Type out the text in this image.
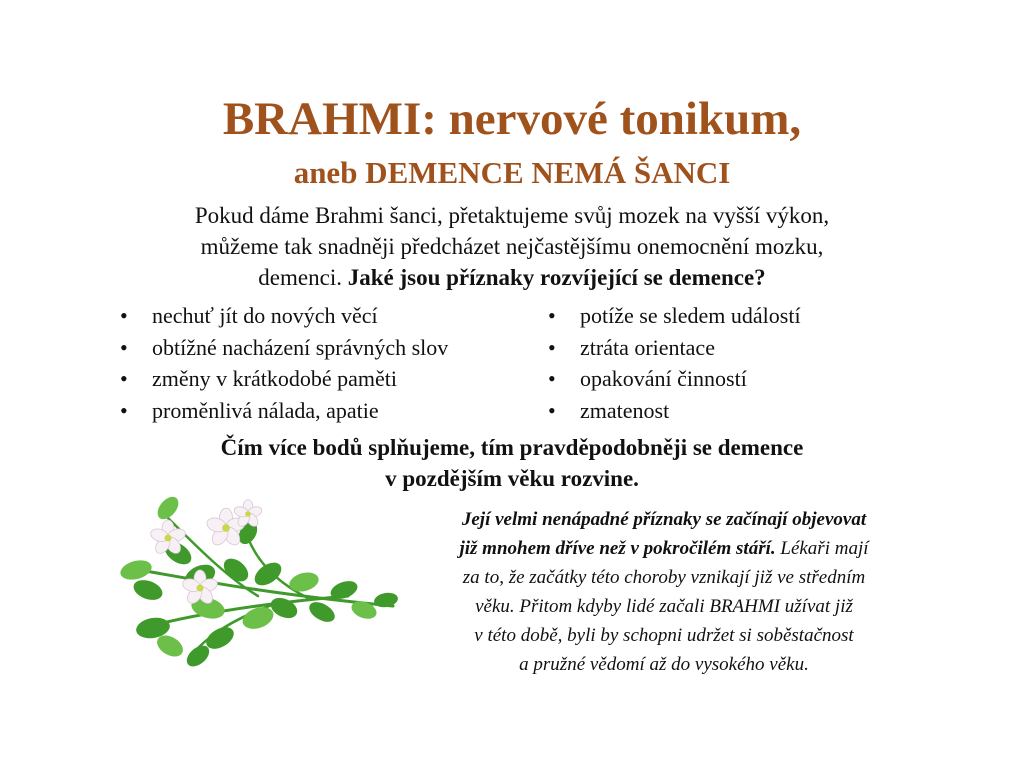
BRAHMI: nervové tonikum,
aneb DEMENCE NEMÁ ŠANCI
Pokud dáme Brahmi šanci, přetaktujeme svůj mozek na vyšší výkon,
můžeme tak snadněji předcházet nejčastějšímu onemocnění mozku,
demenci. Jaké jsou příznaky rozvíjející se demence?
• nechuť jít do nových věcí
• obtížné nacházení správných slov
• změny v krátkodobé paměti
• proměnlivá nálada, apatie
• potíže se sledem událostí
• ztráta orientace
• opakování činností
• zmatenost
Čím více bodů splňujeme, tím pravděpodobněji se demence
v pozdějším věku rozvine.
Její velmi nenápadné příznaky se začínají objevovat
již mnohem dříve než v pokročilém stáří. Lékaři mají
za to, že začátky této choroby vznikají již ve středním
věku. Přitom kdyby lidé začali BRAHMI užívat již
v této době, byli by schopni udržet si soběstačnost
a pružné vědomí až do vysokého věku.
